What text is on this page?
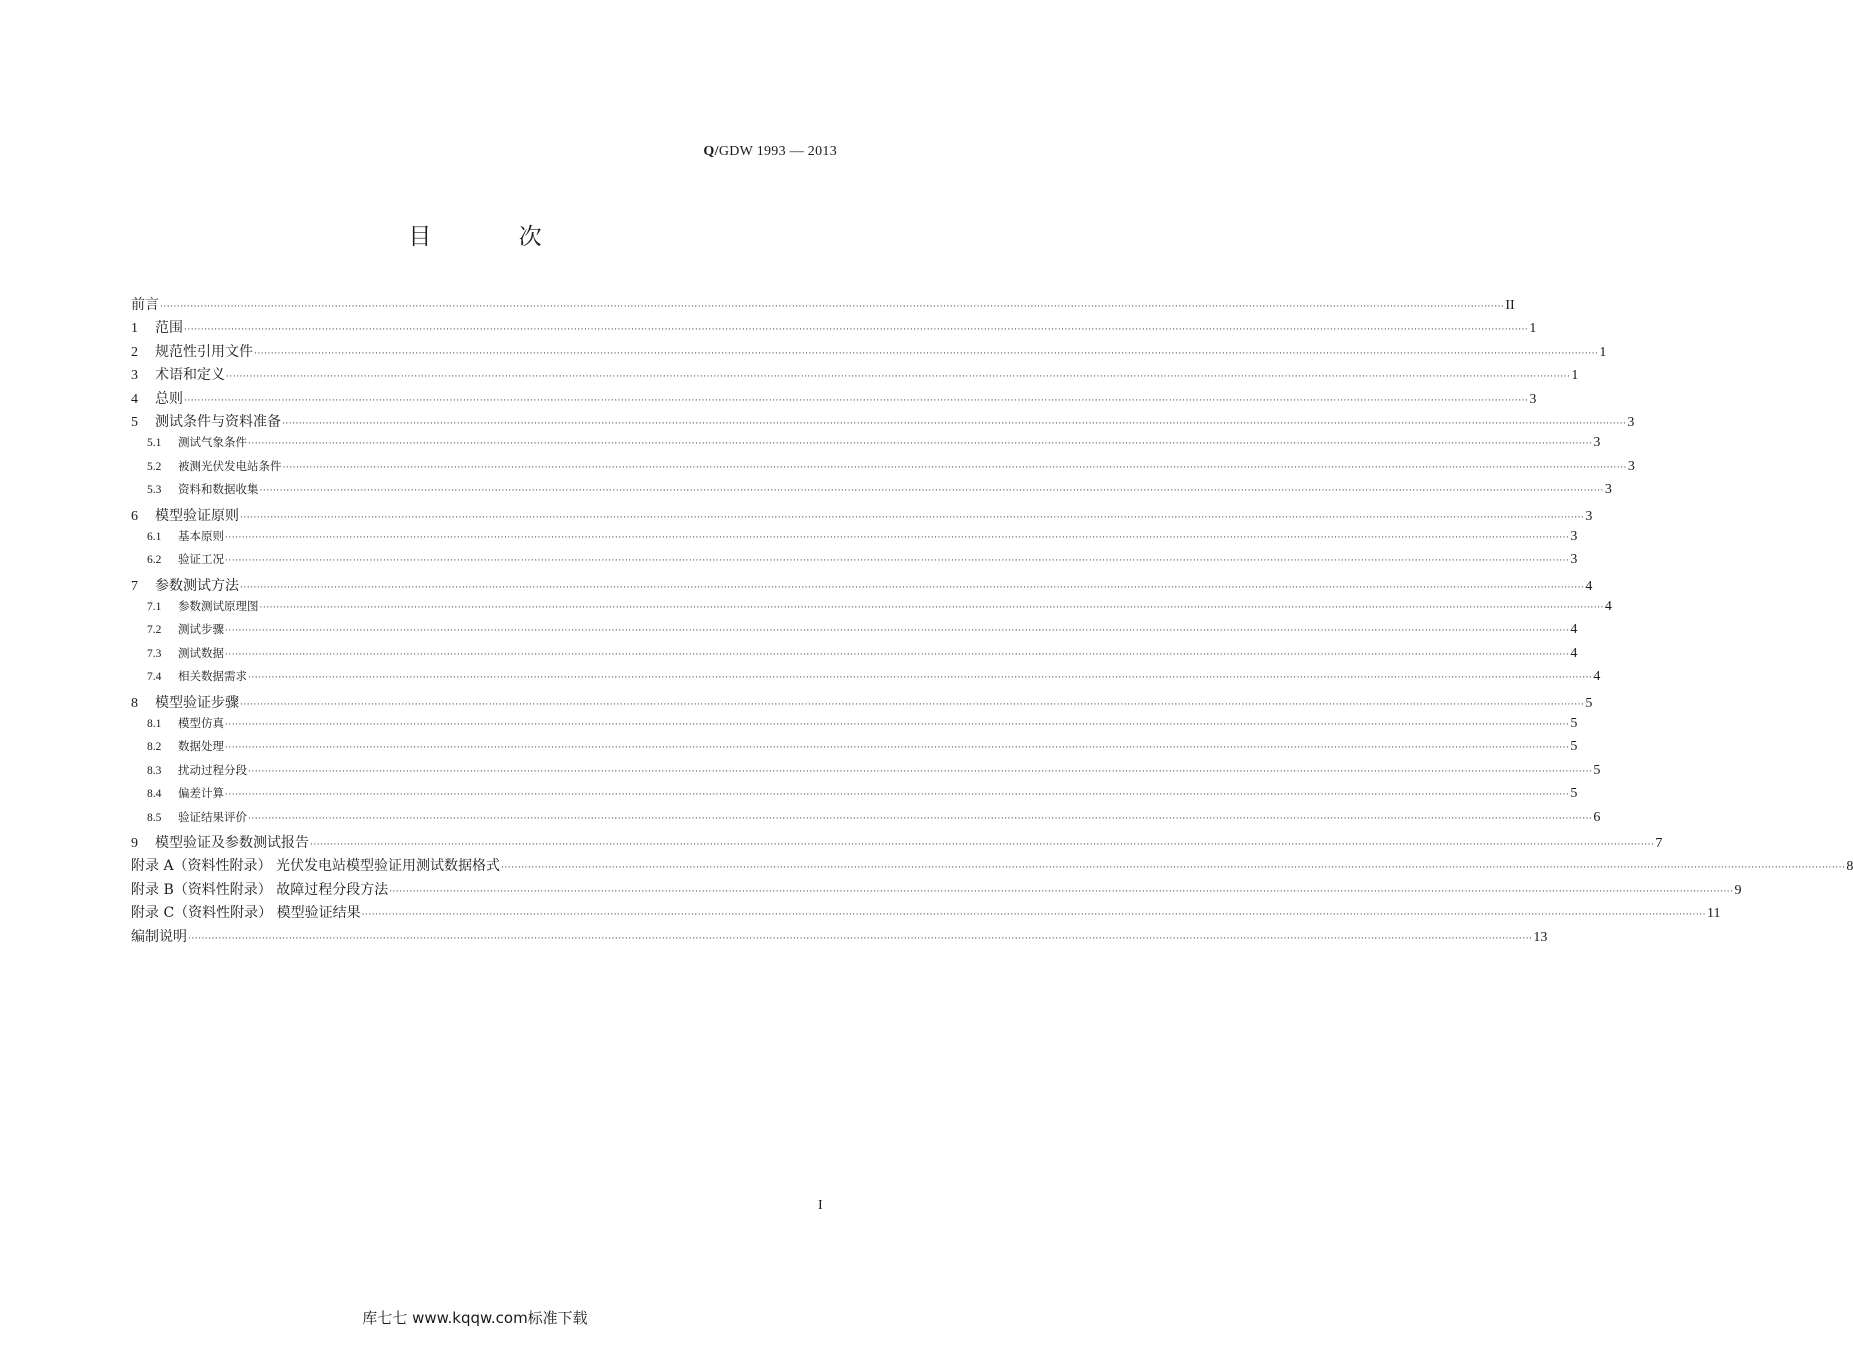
Q/GDW 1993 — 2013
目 次
前言 ················································································································································································································································································································································································································ II
1 范围 ················································································································································································································································································································································································································ 1
2 规范性引用文件 ················································································································································································································································································································································································································ 1
3 术语和定义 ················································································································································································································································································································································································································ 1
4 总则 ················································································································································································································································································································································································································ 3
5 测试条件与资料准备 ················································································································································································································································································································································································································ 3
5.1 测试气象条件 ················································································································································································································································································································································································································ 3
5.2 被测光伏发电站条件 ················································································································································································································································································································································································································ 3
5.3 资料和数据收集 ················································································································································································································································································································································································································ 3
6 模型验证原则 ················································································································································································································································································································································································································ 3
6.1 基本原则 ················································································································································································································································································································································································································ 3
6.2 验证工况 ················································································································································································································································································································································································································ 3
7 参数测试方法 ················································································································································································································································································································································································································ 4
7.1 参数测试原理图 ················································································································································································································································································································································································································ 4
7.2 测试步骤 ················································································································································································································································································································································································································ 4
7.3 测试数据 ················································································································································································································································································································································································································ 4
7.4 相关数据需求 ················································································································································································································································································································································································································ 4
8 模型验证步骤 ················································································································································································································································································································································································································ 5
8.1 模型仿真 ················································································································································································································································································································································································································ 5
8.2 数据处理 ················································································································································································································································································································································································································ 5
8.3 扰动过程分段 ················································································································································································································································································································································································································ 5
8.4 偏差计算 ················································································································································································································································································································································································································ 5
8.5 验证结果评价 ················································································································································································································································································································································································································ 6
9 模型验证及参数测试报告 ················································································································································································································································································································································································································ 7
附录 A（资料性附录） 光伏发电站模型验证用测试数据格式 ················································································································································································································································································································································································································ 8
附录 B（资料性附录） 故障过程分段方法 ················································································································································································································································································································································································································ 9
附录 C（资料性附录） 模型验证结果 ················································································································································································································································································································································································································ 11
编制说明 ················································································································································································································································································································································································································ 13
I
库七七 www.kqqw.com标准下载
